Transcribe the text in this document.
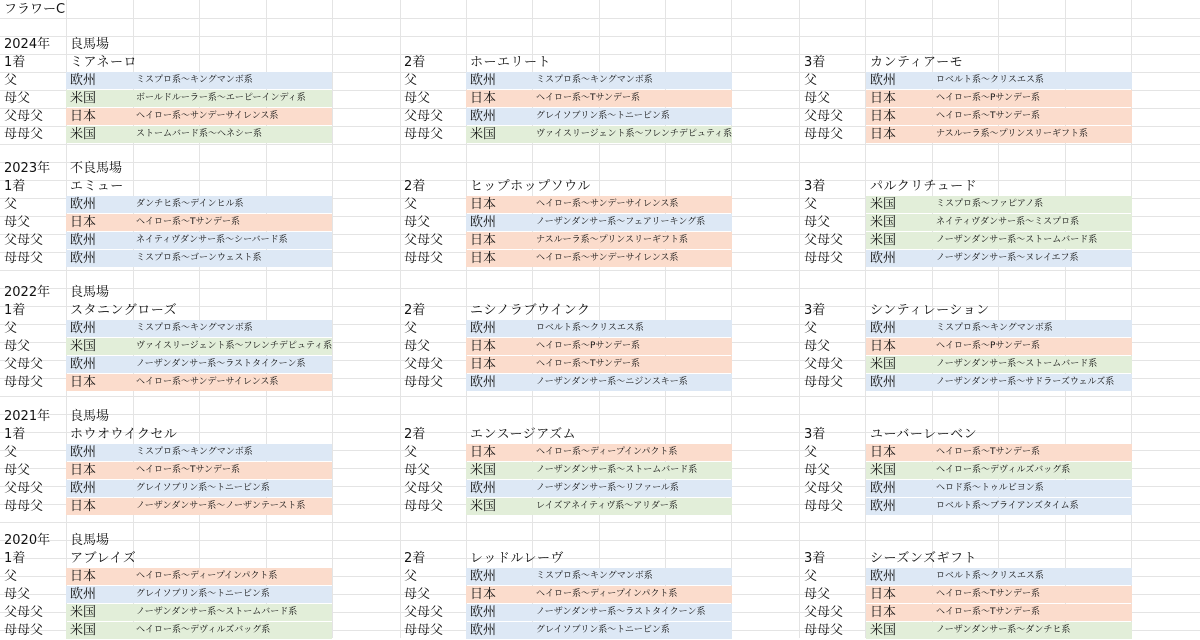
フラワーC
2024年 良馬場
1着	ミアネーロ
父	欧州	ミスプロ系〜キングマンボ系
母父	米国	ボールドルーラー系〜エーピーインディ系
父母父 日本	ヘイロー系〜サンデーサイレンス系
母母父 米国	ストームバード系〜ヘネシー系
2着	ホーエリート
父	欧州	ミスプロ系〜キングマンボ系
母父	日本	ヘイロー系〜Tサンデー系
父母父 欧州	グレイソブリン系〜トニービン系
母母父 米国	ヴァイスリージェント系〜フレンチデピュティ系
3着	カンティアーモ
父	欧州	ロベルト系〜クリスエス系
母父	日本	ヘイロー系〜Pサンデー系
父母父 日本	ヘイロー系〜Tサンデー系
母母父 日本	ナスルーラ系〜プリンスリーギフト系
2023年 不良馬場
1着	エミュー
父	欧州	ダンチヒ系〜デインヒル系
母父	日本	ヘイロー系〜Tサンデー系
父母父 欧州	ネイティヴダンサー系〜シーバード系
母母父 欧州	ミスプロ系〜ゴーンウェスト系
2着	ヒップホップソウル
父	日本	ヘイロー系〜サンデーサイレンス系
母父	欧州	ノーザンダンサー系〜フェアリーキング系
父母父 日本	ナスルーラ系〜プリンスリーギフト系
母母父 日本	ヘイロー系〜サンデーサイレンス系
3着	パルクリチュード
父	米国	ミスプロ系〜ファピアノ系
母父	米国	ネイティヴダンサー系〜ミスプロ系
父母父 米国	ノーザンダンサー系〜ストームバード系
母母父 欧州	ノーザンダンサー系〜ヌレイエフ系
2022年 良馬場
1着	スタニングローズ
父	欧州	ミスプロ系〜キングマンボ系
母父	米国	ヴァイスリージェント系〜フレンチデピュティ系
父母父 欧州	ノーザンダンサー系〜ラストタイクーン系
母母父 日本	ヘイロー系〜サンデーサイレンス系
2着	ニシノラブウインク
父	欧州	ロベルト系〜クリスエス系
母父	日本	ヘイロー系〜Pサンデー系
父母父 日本	ヘイロー系〜Tサンデー系
母母父 欧州	ノーザンダンサー系〜ニジンスキー系
3着	シンティレーション
父	欧州	ミスプロ系〜キングマンボ系
母父	日本	ヘイロー系〜Pサンデー系
父母父 米国	ノーザンダンサー系〜ストームバード系
母母父 欧州	ノーザンダンサー系〜サドラーズウェルズ系
2021年 良馬場
1着	ホウオウイクセル
父	欧州	ミスプロ系〜キングマンボ系
母父	日本	ヘイロー系〜Tサンデー系
父母父 欧州	グレイソブリン系〜トニービン系
母母父 日本	ノーザンダンサー系〜ノーザンテースト系
2着	エンスージアズム
父	日本	ヘイロー系〜ディープインパクト系
母父	米国	ノーザンダンサー系〜ストームバード系
父母父 欧州	ノーザンダンサー系〜リファール系
母母父 米国	レイズアネイティヴ系〜アリダー系
3着	ユーバーレーベン
父	日本	ヘイロー系〜Tサンデー系
母父	米国	ヘイロー系〜デヴィルズバッグ系
父母父 欧州	ヘロド系〜トゥルビヨン系
母母父 欧州	ロベルト系〜ブライアンズタイム系
2020年 良馬場
1着	アブレイズ
父	日本	ヘイロー系〜ディープインパクト系
母父	欧州	グレイソブリン系〜トニービン系
父母父 米国	ノーザンダンサー系〜ストームバード系
母母父 米国	ヘイロー系〜デヴィルズバッグ系
2着	レッドルレーヴ
父	欧州	ミスプロ系〜キングマンボ系
母父	日本	ヘイロー系〜ディープインパクト系
父母父 欧州	ノーザンダンサー系〜ラストタイクーン系
母母父 欧州	グレイソブリン系〜トニービン系
3着	シーズンズギフト
父	欧州	ロベルト系〜クリスエス系
母父	日本	ヘイロー系〜Tサンデー系
父母父 日本	ヘイロー系〜Tサンデー系
母母父 米国	ノーザンダンサー系〜ダンチヒ系
